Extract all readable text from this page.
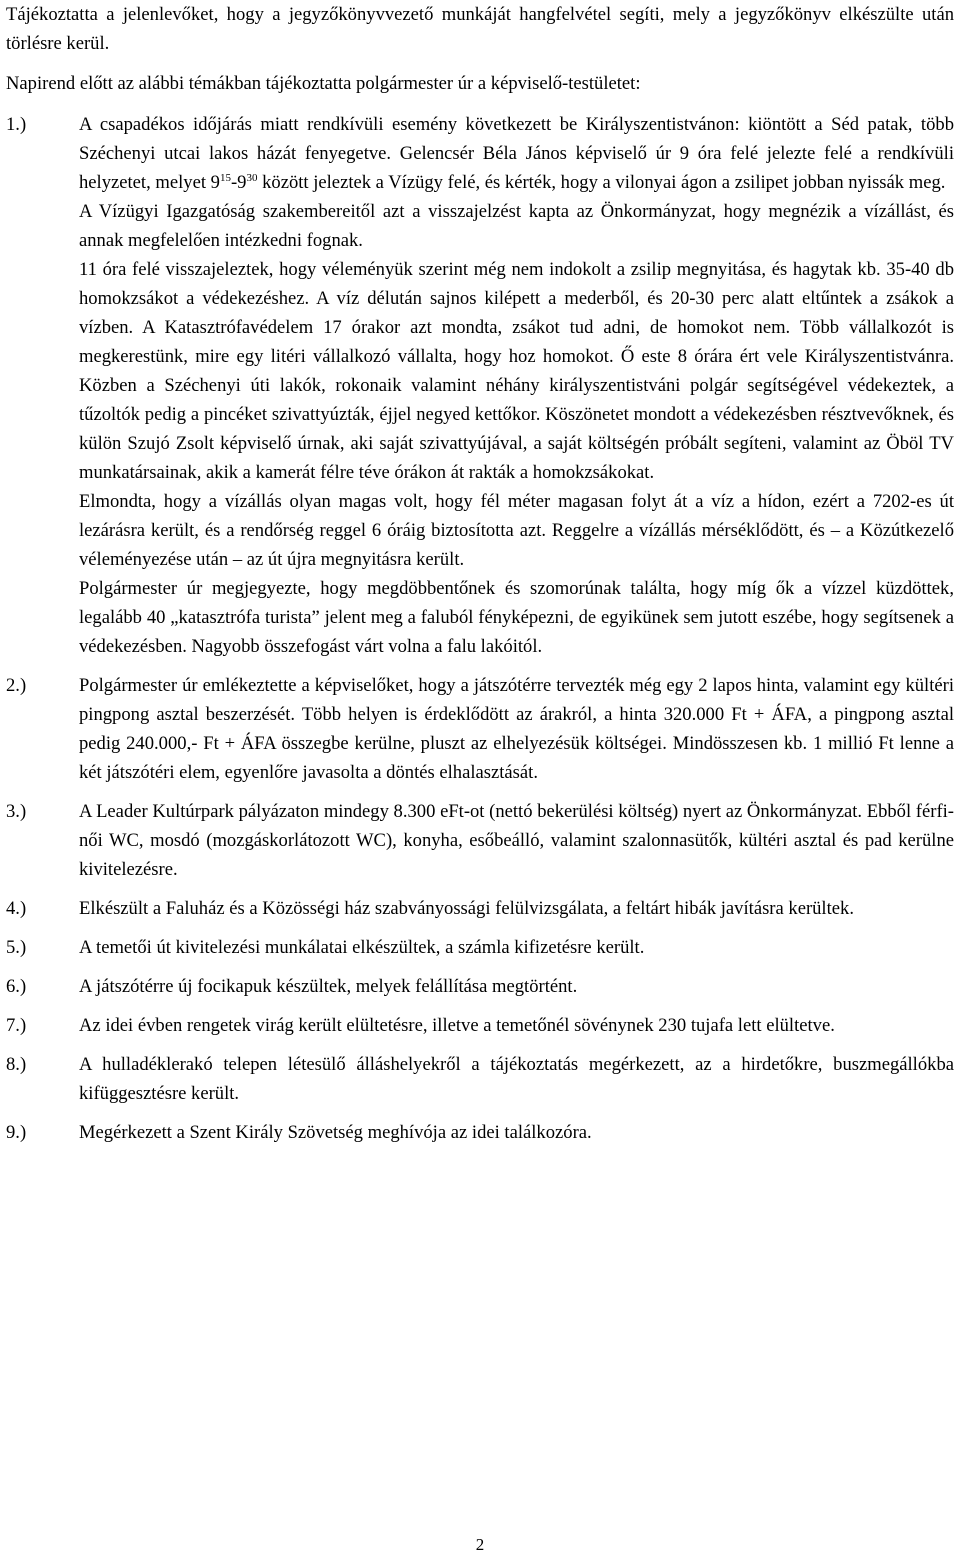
Tájékoztatta a jelenlevőket, hogy a jegyzőkönyvvezető munkáját hangfelvétel segíti, mely a jegyzőkönyv elkészülte után törlésre kerül.

Napirend előtt az alábbi témákban tájékoztatta polgármester úr a képviselő-testületet:

1.)	A csapadékos időjárás miatt rendkívüli esemény következett be Királyszentistvánon: kiöntött a Séd patak, több Széchenyi utcai lakos házát fenyegetve. Gelencsér Béla János képviselő úr 9 óra felé jelezte felé a rendkívüli helyzetet, melyet $9^{15}-9^{30}$ között jeleztek a Vízügy felé, és kérték, hogy a vilonyai ágon a zsilipet jobban nyissák meg.

A Vízügyi Igazgatóság szakembereitől azt a visszajelzést kapta az Önkormányzat, hogy megnézik a vízállást, és annak megfelelően intézkedni fognak.

11 óra felé visszajeleztek, hogy véleményük szerint még nem indokolt a zsilip megnyitása, és hagytak kb. 35-40 db homokzsákot a védekezéshez. A víz délután sajnos kilépett a mederből, és 20-30 perc alatt eltűntek a zsákok a vízben. A Katasztrófavédelem 17 órakor azt mondta, zsákot tud adni, de homokot nem. Több vállalkozót is megkerestünk, mire egy litéri vállalkozó vállalta, hogy hoz homokot. Ő este 8 órára ért vele Királyszentistvánra. Közben a Széchenyi úti lakók, rokonaik valamint néhány királyszentistváni polgár segítségével védekeztek, a tűzoltók pedig a pincéket szivattyúzták, éjjel negyed kettőkor. Köszönetet mondott a védekezésben résztvevőknek, és külön Szujó Zsolt képviselő úrnak, aki saját szivattyújával, a saját költségén próbált segíteni, valamint az Öböl TV munkatársainak, akik a kamerát félre téve órákon át rakták a homokzsákokat.

Elmondta, hogy a vízállás olyan magas volt, hogy fél méter magasan folyt át a víz a hídon, ezért a 7202-es út lezárásra került, és a rendőrség reggel 6 óráig biztosította azt. Reggelre a vízállás mérséklődött, és – a Közútkezelő véleményezése után – az út újra megnyitásra került.

Polgármester úr megjegyezte, hogy megdöbbentőnek és szomorúnak találta, hogy míg ők a vízzel küzdöttek, legalább 40 „katasztrófa turista” jelent meg a faluból fényképezni, de egyikünek sem jutott eszébe, hogy segítsenek a védekezésben. Nagyobb összefogást várt volna a falu lakóitól.

2.)	Polgármester úr emlékeztette a képviselőket, hogy a játszótérre tervezték még egy 2 lapos hinta, valamint egy kültéri pingpong asztal beszerzését. Több helyen is érdeklődött az árakról, a hinta 320.000 Ft + ÁFA, a pingpong asztal pedig 240.000,- Ft + ÁFA összegbe kerülne, pluszt az elhelyezésük költségei. Mindösszesen kb. 1 millió Ft lenne a két játszótéri elem, egyenlőre javasolta a döntés elhalasztását.

3.)	A Leader Kultúrpark pályázaton mindegy 8.300 eFt-ot (nettó bekerülési költség) nyert az Önkormányzat. Ebből férfi-női WC, mosdó (mozgáskorlátozott WC), konyha, esőbeálló, valamint szalonnasütők, kültéri asztal és pad kerülne kivitelezésre.

4.)	Elkészült a Faluház és a Közösségi ház szabványossági felülvizsgálata, a feltárt hibák javításra kerültek.

5.)	A temetői út kivitelezési munkálatai elkészültek, a számla kifizetésre került.

6.)	A játszótérre új focikapuk készültek, melyek felállítása megtörtént.

7.)	Az idei évben rengetek virág került elültetésre, illetve a temetőnél sövénynek 230 tujafa lett elültetve.

8.)	A hulladéklerakó telepen létesülő álláshelyekről a tájékoztatás megérkezett, az a hirdetőkre, buszmegállókba kifüggesztésre került.

9.)	Megérkezett a Szent Király Szövetség meghívója az idei találkozóra.

2
